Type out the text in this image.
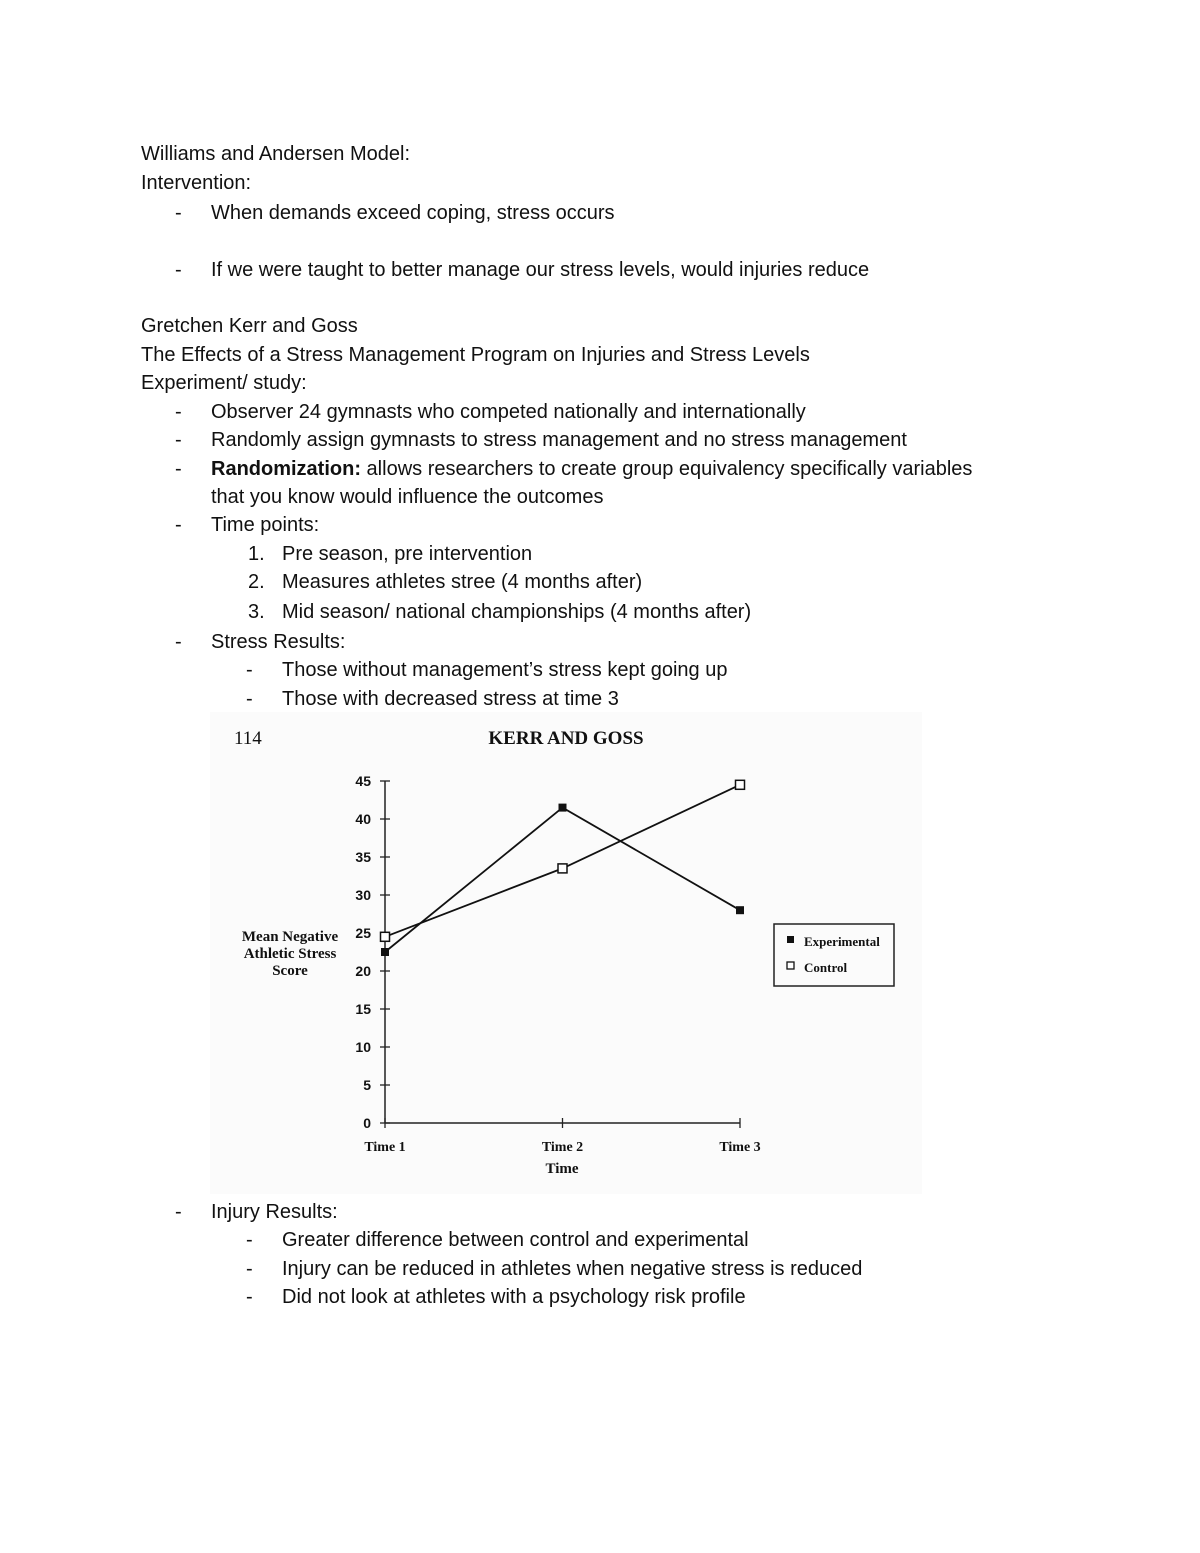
Williams and Andersen Model:
Intervention:
- When demands exceed coping, stress occurs
- If we were taught to better manage our stress levels, would injuries reduce
Gretchen Kerr and Goss
The Effects of a Stress Management Program on Injuries and Stress Levels
Experiment/ study:
- Observer 24 gymnasts who competed nationally and internationally
- Randomly assign gymnasts to stress management and no stress management
- Randomization: allows researchers to create group equivalency specifically variables
that you know would influence the outcomes
- Time points:
1. Pre season, pre intervention
2. Measures athletes stree (4 months after)
3. Mid season/ national championships (4 months after)
- Stress Results:
- Those without management’s stress kept going up
- Those with decreased stress at time 3
114	KERR AND GOSS
Mean Negative
Athletic Stress
Score
Time
0
5
10
15
20
25
30
35
40
45
Time 1	Time 2	Time 3
Experimental
Control
- Injury Results:
- Greater difference between control and experimental
- Injury can be reduced in athletes when negative stress is reduced
- Did not look at athletes with a psychology risk profile
